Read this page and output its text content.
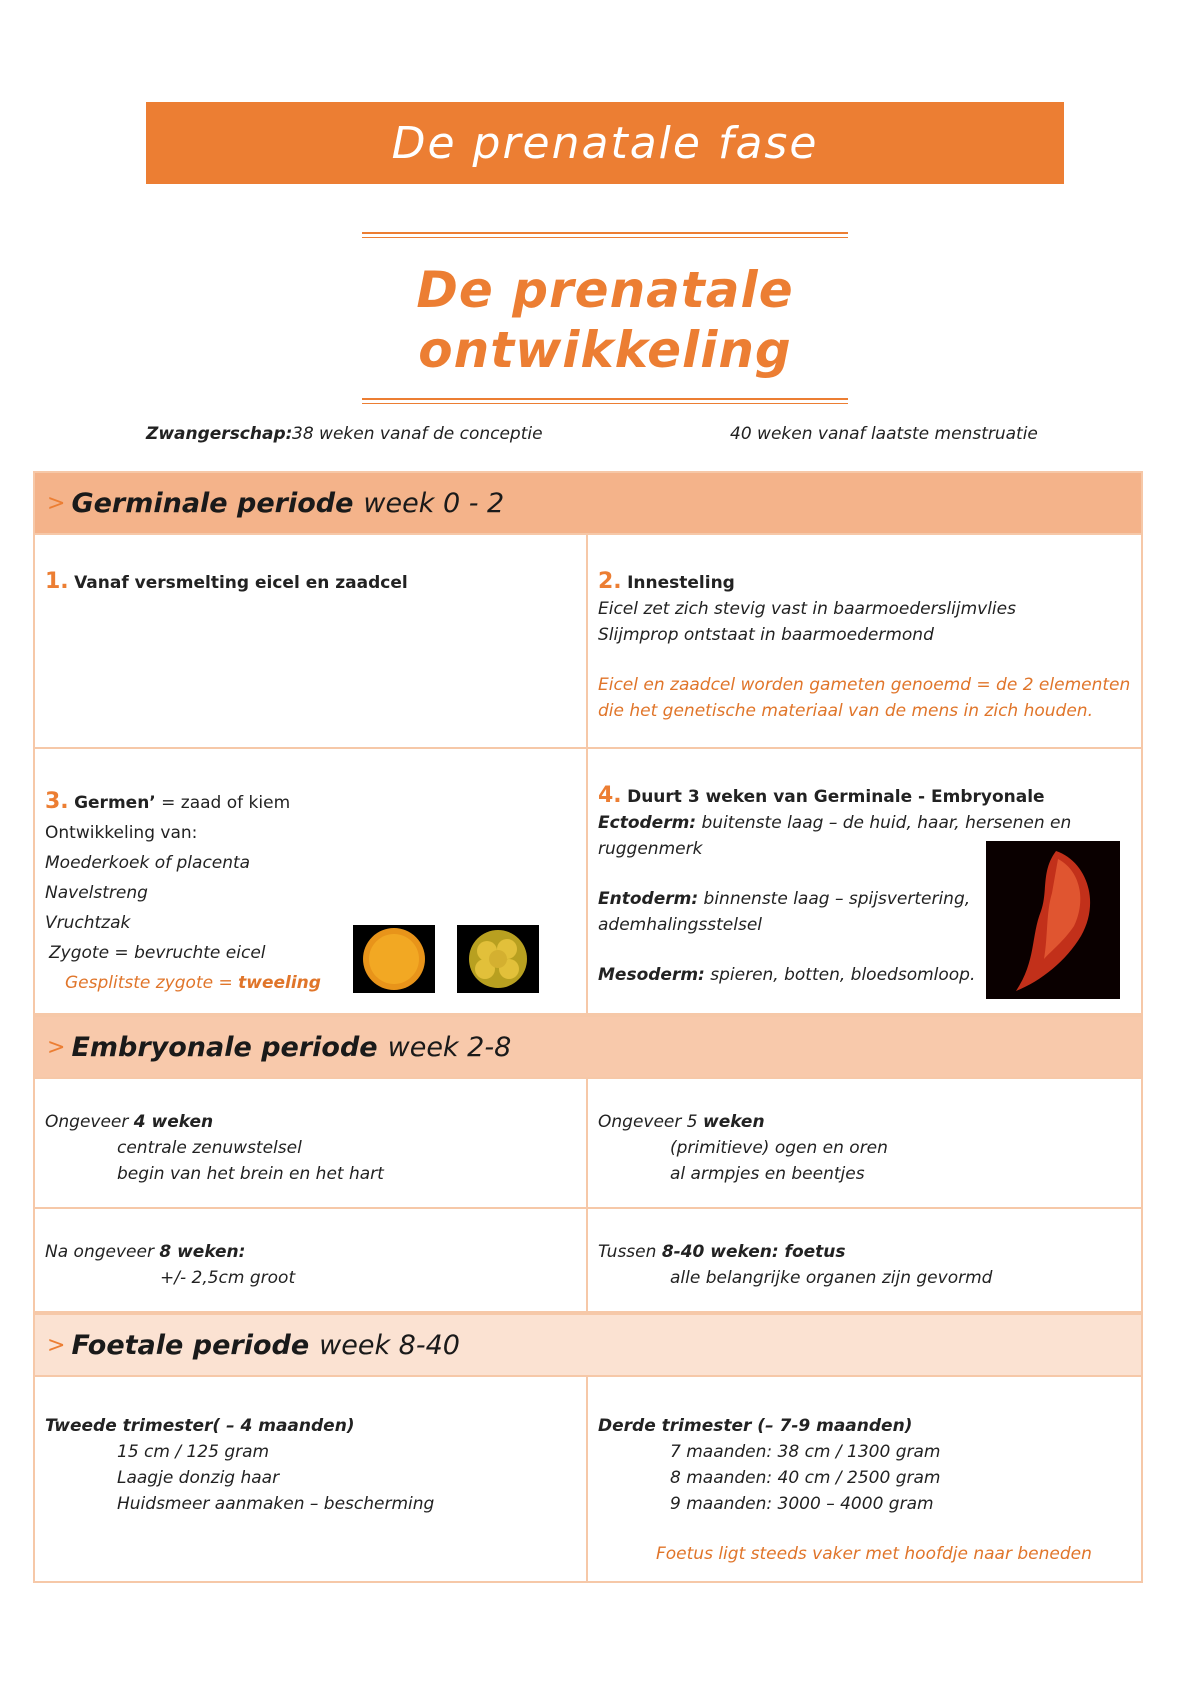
De prenatale fase
De prenatale
ontwikkeling
Zwangerschap: 38 weken vanaf de conceptie	40 weken vanaf laatste menstruatie
> Germinale periode week 0 - 2
1. Vanaf versmelting eicel en zaadcel	2. Innesteling
Eicel zet zich stevig vast in baarmoederslijmvlies
Slijmprop ontstaat in baarmoedermond
Eicel en zaadcel worden gameten genoemd = de 2 elementen
die het genetische materiaal van de mens in zich houden.
3. Germen’ = zaad of kiem
Ontwikkeling van:
Moederkoek of placenta
Navelstreng
Vruchtzak
Zygote = bevruchte eicel
Gesplitste zygote = tweeling
4. Duurt 3 weken van Germinale - Embryonale
Ectoderm: buitenste laag – de huid, haar, hersenen en
ruggenmerk
Entoderm: binnenste laag – spijsvertering,
ademhalingsstelsel
Mesoderm: spieren, botten, bloedsomloop.
> Embryonale periode week 2-8
Ongeveer 4 weken
centrale zenuwstelsel
begin van het brein en het hart
Ongeveer 5 weken
(primitieve) ogen en oren
al armpjes en beentjes
Na ongeveer 8 weken:
+/- 2,5cm groot
Tussen 8-40 weken: foetus
alle belangrijke organen zijn gevormd
> Foetale periode week 8-40
Tweede trimester( – 4 maanden)
15 cm / 125 gram
Laagje donzig haar
Huidsmeer aanmaken – bescherming
Derde trimester (– 7-9 maanden)
7 maanden: 38 cm / 1300 gram
8 maanden: 40 cm / 2500 gram
9 maanden: 3000 – 4000 gram
Foetus ligt steeds vaker met hoofdje naar beneden
